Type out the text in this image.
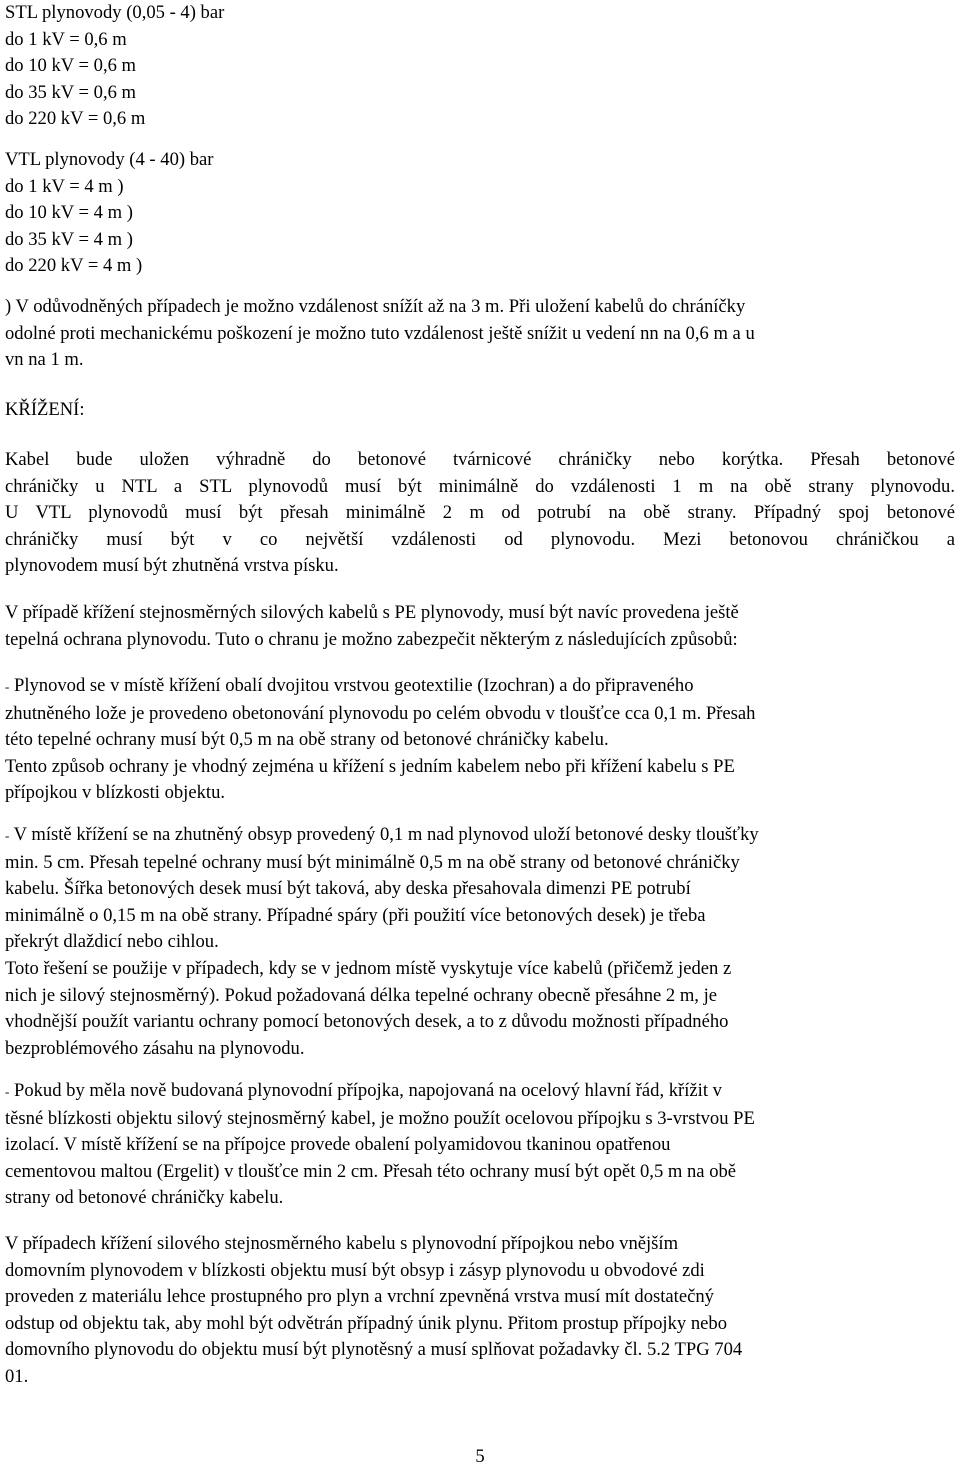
STL plynovody (0,05 - 4) bar
do 1 kV = 0,6 m
do 10 kV = 0,6 m
do 35 kV = 0,6 m
do 220 kV = 0,6 m
VTL plynovody (4 - 40) bar
do 1 kV = 4 m )
do 10 kV = 4 m )
do 35 kV = 4 m )
do 220 kV = 4 m )
) V odůvodněných případech je možno vzdálenost snížít až na 3 m. Při uložení kabelů do chráníčky
odolné proti mechanickému poškození je možno tuto vzdálenost ještě snížit u vedení nn na 0,6 m a u
vn na 1 m.
KŘÍŽENÍ:
Kabel bude uložen výhradně do betonové tvárnicové chráničky nebo korýtka. Přesah betonové
chráničky u NTL a STL plynovodů musí být minimálně do vzdálenosti 1 m na obě strany plynovodu.
U VTL plynovodů musí být přesah minimálně 2 m od potrubí na obě strany. Případný spoj betonové
chráničky musí být v co největší vzdálenosti od plynovodu. Mezi betonovou chráničkou a
plynovodem musí být zhutněná vrstva písku.
V případě křížení stejnosměrných silových kabelů s PE plynovody, musí být navíc provedena ještě
tepelná ochrana plynovodu. Tuto o chranu je možno zabezpečit některým z následujících způsobů:
- Plynovod se v místě křížení obalí dvojitou vrstvou geotextilie (Izochran) a do připraveného
zhutněného lože je provedeno obetonování plynovodu po celém obvodu v tloušťce cca 0,1 m. Přesah
této tepelné ochrany musí být 0,5 m na obě strany od betonové chráničky kabelu.
Tento způsob ochrany je vhodný zejména u křížení s jedním kabelem nebo při křížení kabelu s PE
přípojkou v blízkosti objektu.
- V místě křížení se na zhutněný obsyp provedený 0,1 m nad plynovod uloží betonové desky tloušťky
min. 5 cm. Přesah tepelné ochrany musí být minimálně 0,5 m na obě strany od betonové chráničky
kabelu. Šířka betonových desek musí být taková, aby deska přesahovala dimenzi PE potrubí
minimálně o 0,15 m na obě strany. Případné spáry (při použití více betonových desek) je třeba
překrýt dlaždicí nebo cihlou.
Toto řešení se použije v případech, kdy se v jednom místě vyskytuje více kabelů (přičemž jeden z
nich je silový stejnosměrný). Pokud požadovaná délka tepelné ochrany obecně přesáhne 2 m, je
vhodnější použít variantu ochrany pomocí betonových desek, a to z důvodu možnosti případného
bezproblémového zásahu na plynovodu.
- Pokud by měla nově budovaná plynovodní přípojka, napojovaná na ocelový hlavní řád, křížit v
těsné blízkosti objektu silový stejnosměrný kabel, je možno použít ocelovou přípojku s 3-vrstvou PE
izolací. V místě křížení se na přípojce provede obalení polyamidovou tkaninou opatřenou
cementovou maltou (Ergelit) v tloušťce min 2 cm. Přesah této ochrany musí být opět 0,5 m na obě
strany od betonové chráničky kabelu.
V případech křížení silového stejnosměrného kabelu s plynovodní přípojkou nebo vnějším
domovním plynovodem v blízkosti objektu musí být obsyp i zásyp plynovodu u obvodové zdi
proveden z materiálu lehce prostupného pro plyn a vrchní zpevněná vrstva musí mít dostatečný
odstup od objektu tak, aby mohl být odvětrán případný únik plynu. Přitom prostup přípojky nebo
domovního plynovodu do objektu musí být plynotěsný a musí splňovat požadavky čl. 5.2 TPG 704
01.
5
